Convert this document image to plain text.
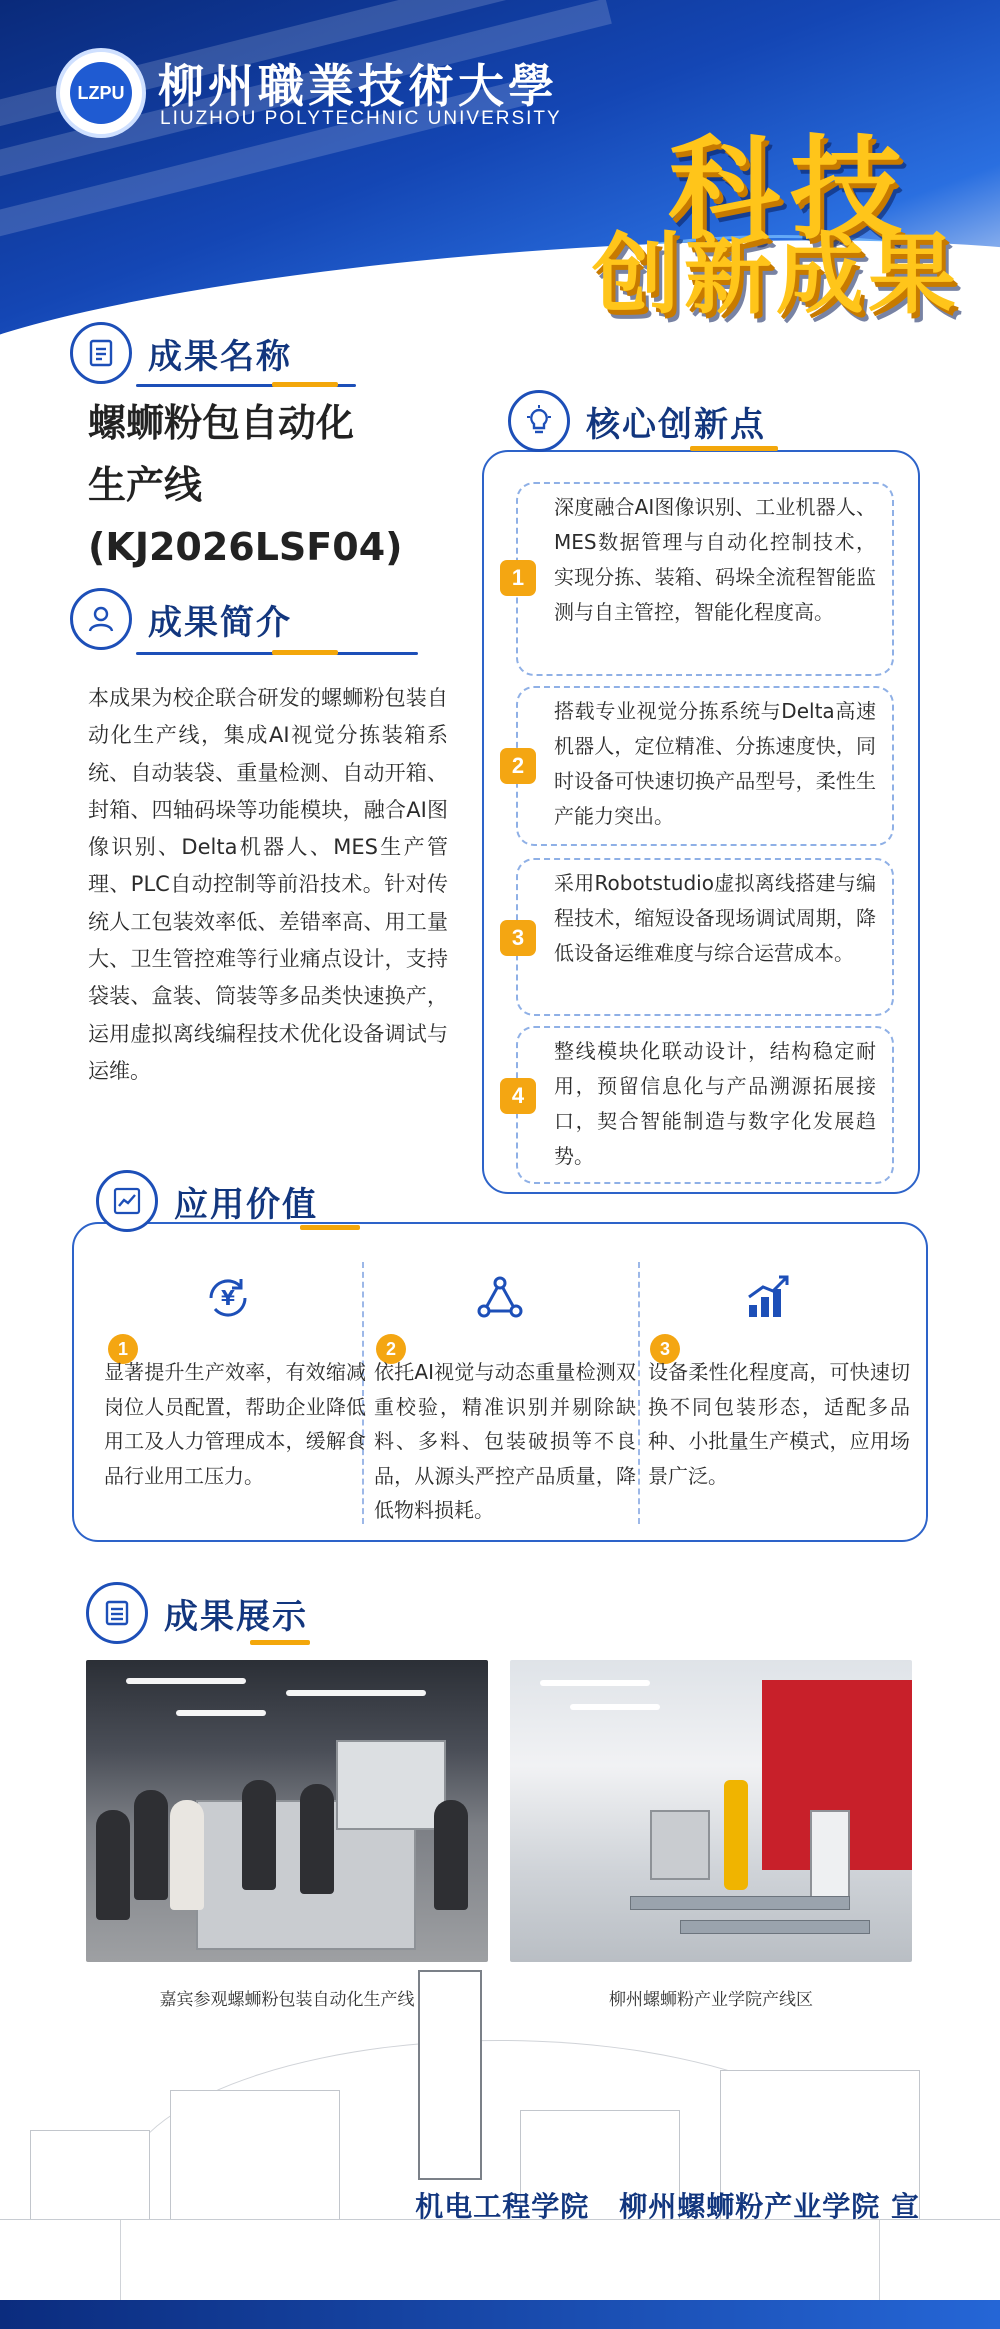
LZPU 柳州職業技術大學
LIUZHOU POLYTECHNIC UNIVERSITY
科技
创新成果
成果名称
螺蛳粉包自动化
生产线
(KJ2026LSF04)
成果简介
本成果为校企联合研发的螺蛳粉包装自动化生产线，集成AI视觉分拣装箱系统、自动装袋、重量检测、自动开箱、封箱、四轴码垛等功能模块，融合AI图像识别、Delta机器人、MES生产管理、PLC自动控制等前沿技术。针对传统人工包装效率低、差错率高、用工量大、卫生管控难等行业痛点设计，支持袋装、盒装、筒装等多品类快速换产，运用虚拟离线编程技术优化设备调试与运维。
核心创新点
深度融合AI图像识别、工业机器人、MES数据管理与自动化控制技术，实现分拣、装箱、码垛全流程智能监测与自主管控，智能化程度高。
1
搭载专业视觉分拣系统与Delta高速机器人，定位精准、分拣速度快，同时设备可快速切换产品型号，柔性生产能力突出。
2
采用Robotstudio虚拟离线搭建与编程技术，缩短设备现场调试周期，降低设备运维难度与综合运营成本。
3
整线模块化联动设计，结构稳定耐用，预留信息化与产品溯源拓展接口，契合智能制造与数字化发展趋势。
4
应用价值
¥
1
显著提升生产效率，有效缩减岗位人员配置，帮助企业降低用工及人力管理成本，缓解食品行业用工压力。
2
依托AI视觉与动态重量检测双重校验，精准识别并剔除缺料、多料、包装破损等不良品，从源头严控产品质量，降低物料损耗。
3
设备柔性化程度高，可快速切换不同包装形态，适配多品种、小批量生产模式，应用场景广泛。
成果展示
嘉宾参观螺蛳粉包装自动化生产线	柳州螺蛳粉产业学院产线区
机电工程学院 柳州螺蛳粉产业学院 宣
